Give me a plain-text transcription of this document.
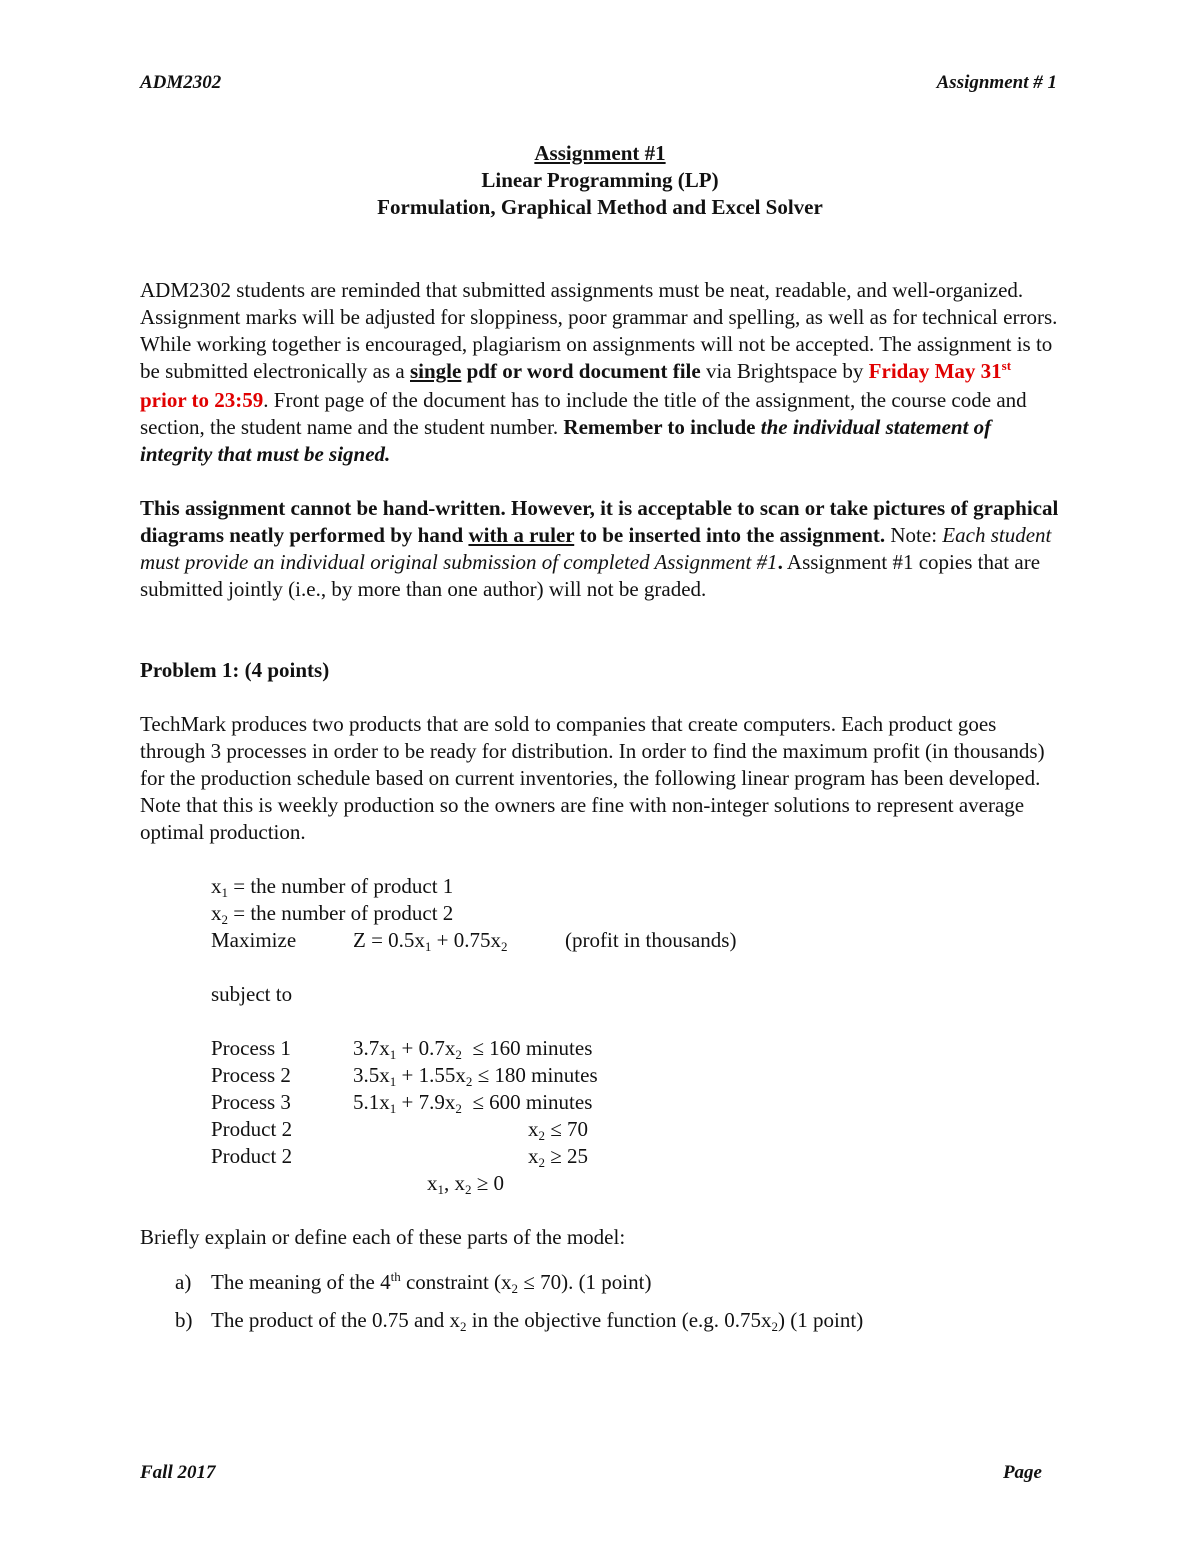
ADM2302	Assignment # 1
Assignment #1
Linear Programming (LP)
Formulation, Graphical Method and Excel Solver

ADM2302 students are reminded that submitted assignments must be neat, readable, and well-organized. Assignment marks will be adjusted for sloppiness, poor grammar and spelling, as well as for technical errors. While working together is encouraged, plagiarism on assignments will not be accepted. The assignment is to be submitted electronically as a single pdf or word document file via Brightspace by Friday May 31st prior to 23:59. Front page of the document has to include the title of the assignment, the course code and section, the student name and the student number. Remember to include the individual statement of integrity that must be signed.

This assignment cannot be hand-written. However, it is acceptable to scan or take pictures of graphical diagrams neatly performed by hand with a ruler to be inserted into the assignment. Note: Each student must provide an individual original submission of completed Assignment #1. Assignment #1 copies that are submitted jointly (i.e., by more than one author) will not be graded.

Problem 1: (4 points)

TechMark produces two products that are sold to companies that create computers. Each product goes through 3 processes in order to be ready for distribution. In order to find the maximum profit (in thousands) for the production schedule based on current inventories, the following linear program has been developed. Note that this is weekly production so the owners are fine with non-integer solutions to represent average optimal production.

$x_1$ = the number of product 1
$x_2$ = the number of product 2
Maximize	$Z = 0.5x_1 + 0.75x_2$	(profit in thousands)
subject to
Process 1	$3.7x_1 + 0.7x_2 \le 160$ minutes
Process 2	$3.5x_1 + 1.55x_2 \le 180$ minutes
Process 3	$5.1x_1 + 7.9x_2 \le 600$ minutes
Product 2	$x_2 \le 70$
Product 2	$x_2 \ge 25$
$x_1$, $x_2 \ge 0$

Briefly explain or define each of these parts of the model:

a) The meaning of the 4th constraint $(x_2 \le 70)$. (1 point)
b) The product of the 0.75 and $x_2$ in the objective function (e.g. $0.75x_2$) (1 point)
Fall 2017	Page
